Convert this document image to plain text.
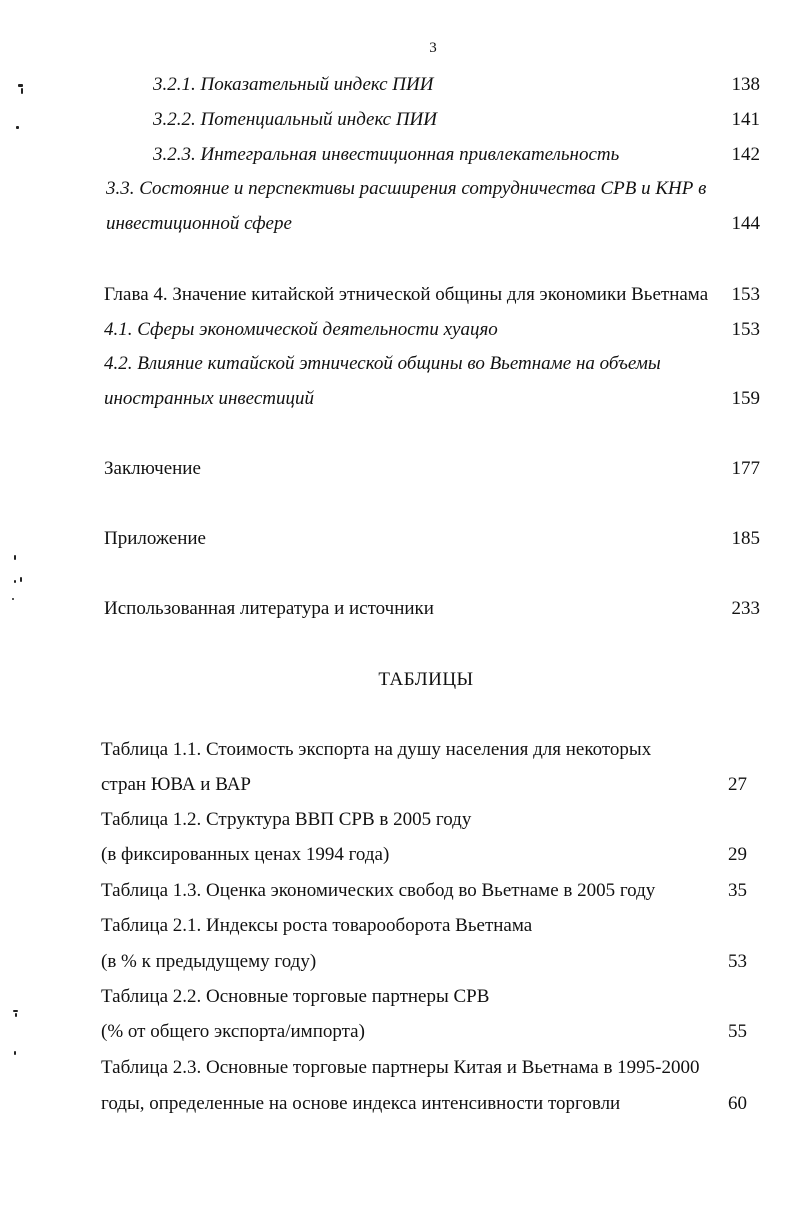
3
3.2.1. Показательный индекс ПИИ	138
3.2.2. Потенциальный индекс ПИИ	141
3.2.3. Интегральная инвестиционная привлекательность	142
3.3. Состояние и перспективы расширения сотрудничества СРВ и КНР в
инвестиционной сфере	144
Глава 4. Значение китайской этнической общины для экономики Вьетнама 153
4.1. Сферы экономической деятельности хуацяо	153
4.2. Влияние китайской этнической общины во Вьетнаме на объемы
иностранных инвестиций	159
Заключение	177
Приложение	185
Использованная литература и источники	233
ТАБЛИЦЫ
Таблица 1.1. Стоимость экспорта на душу населения для некоторых
стран ЮВА и ВАР	27
Таблица 1.2. Структура ВВП СРВ в 2005 году
(в фиксированных ценах 1994 года)	29
Таблица 1.3. Оценка экономических свобод во Вьетнаме в 2005 году	35
Таблица 2.1. Индексы роста товарооборота Вьетнама
(в % к предыдущему году)	53
Таблица 2.2. Основные торговые партнеры СРВ
(% от общего экспорта/импорта)	55
Таблица 2.3. Основные торговые партнеры Китая и Вьетнама в 1995-2000
годы, определенные на основе индекса интенсивности торговли	60
